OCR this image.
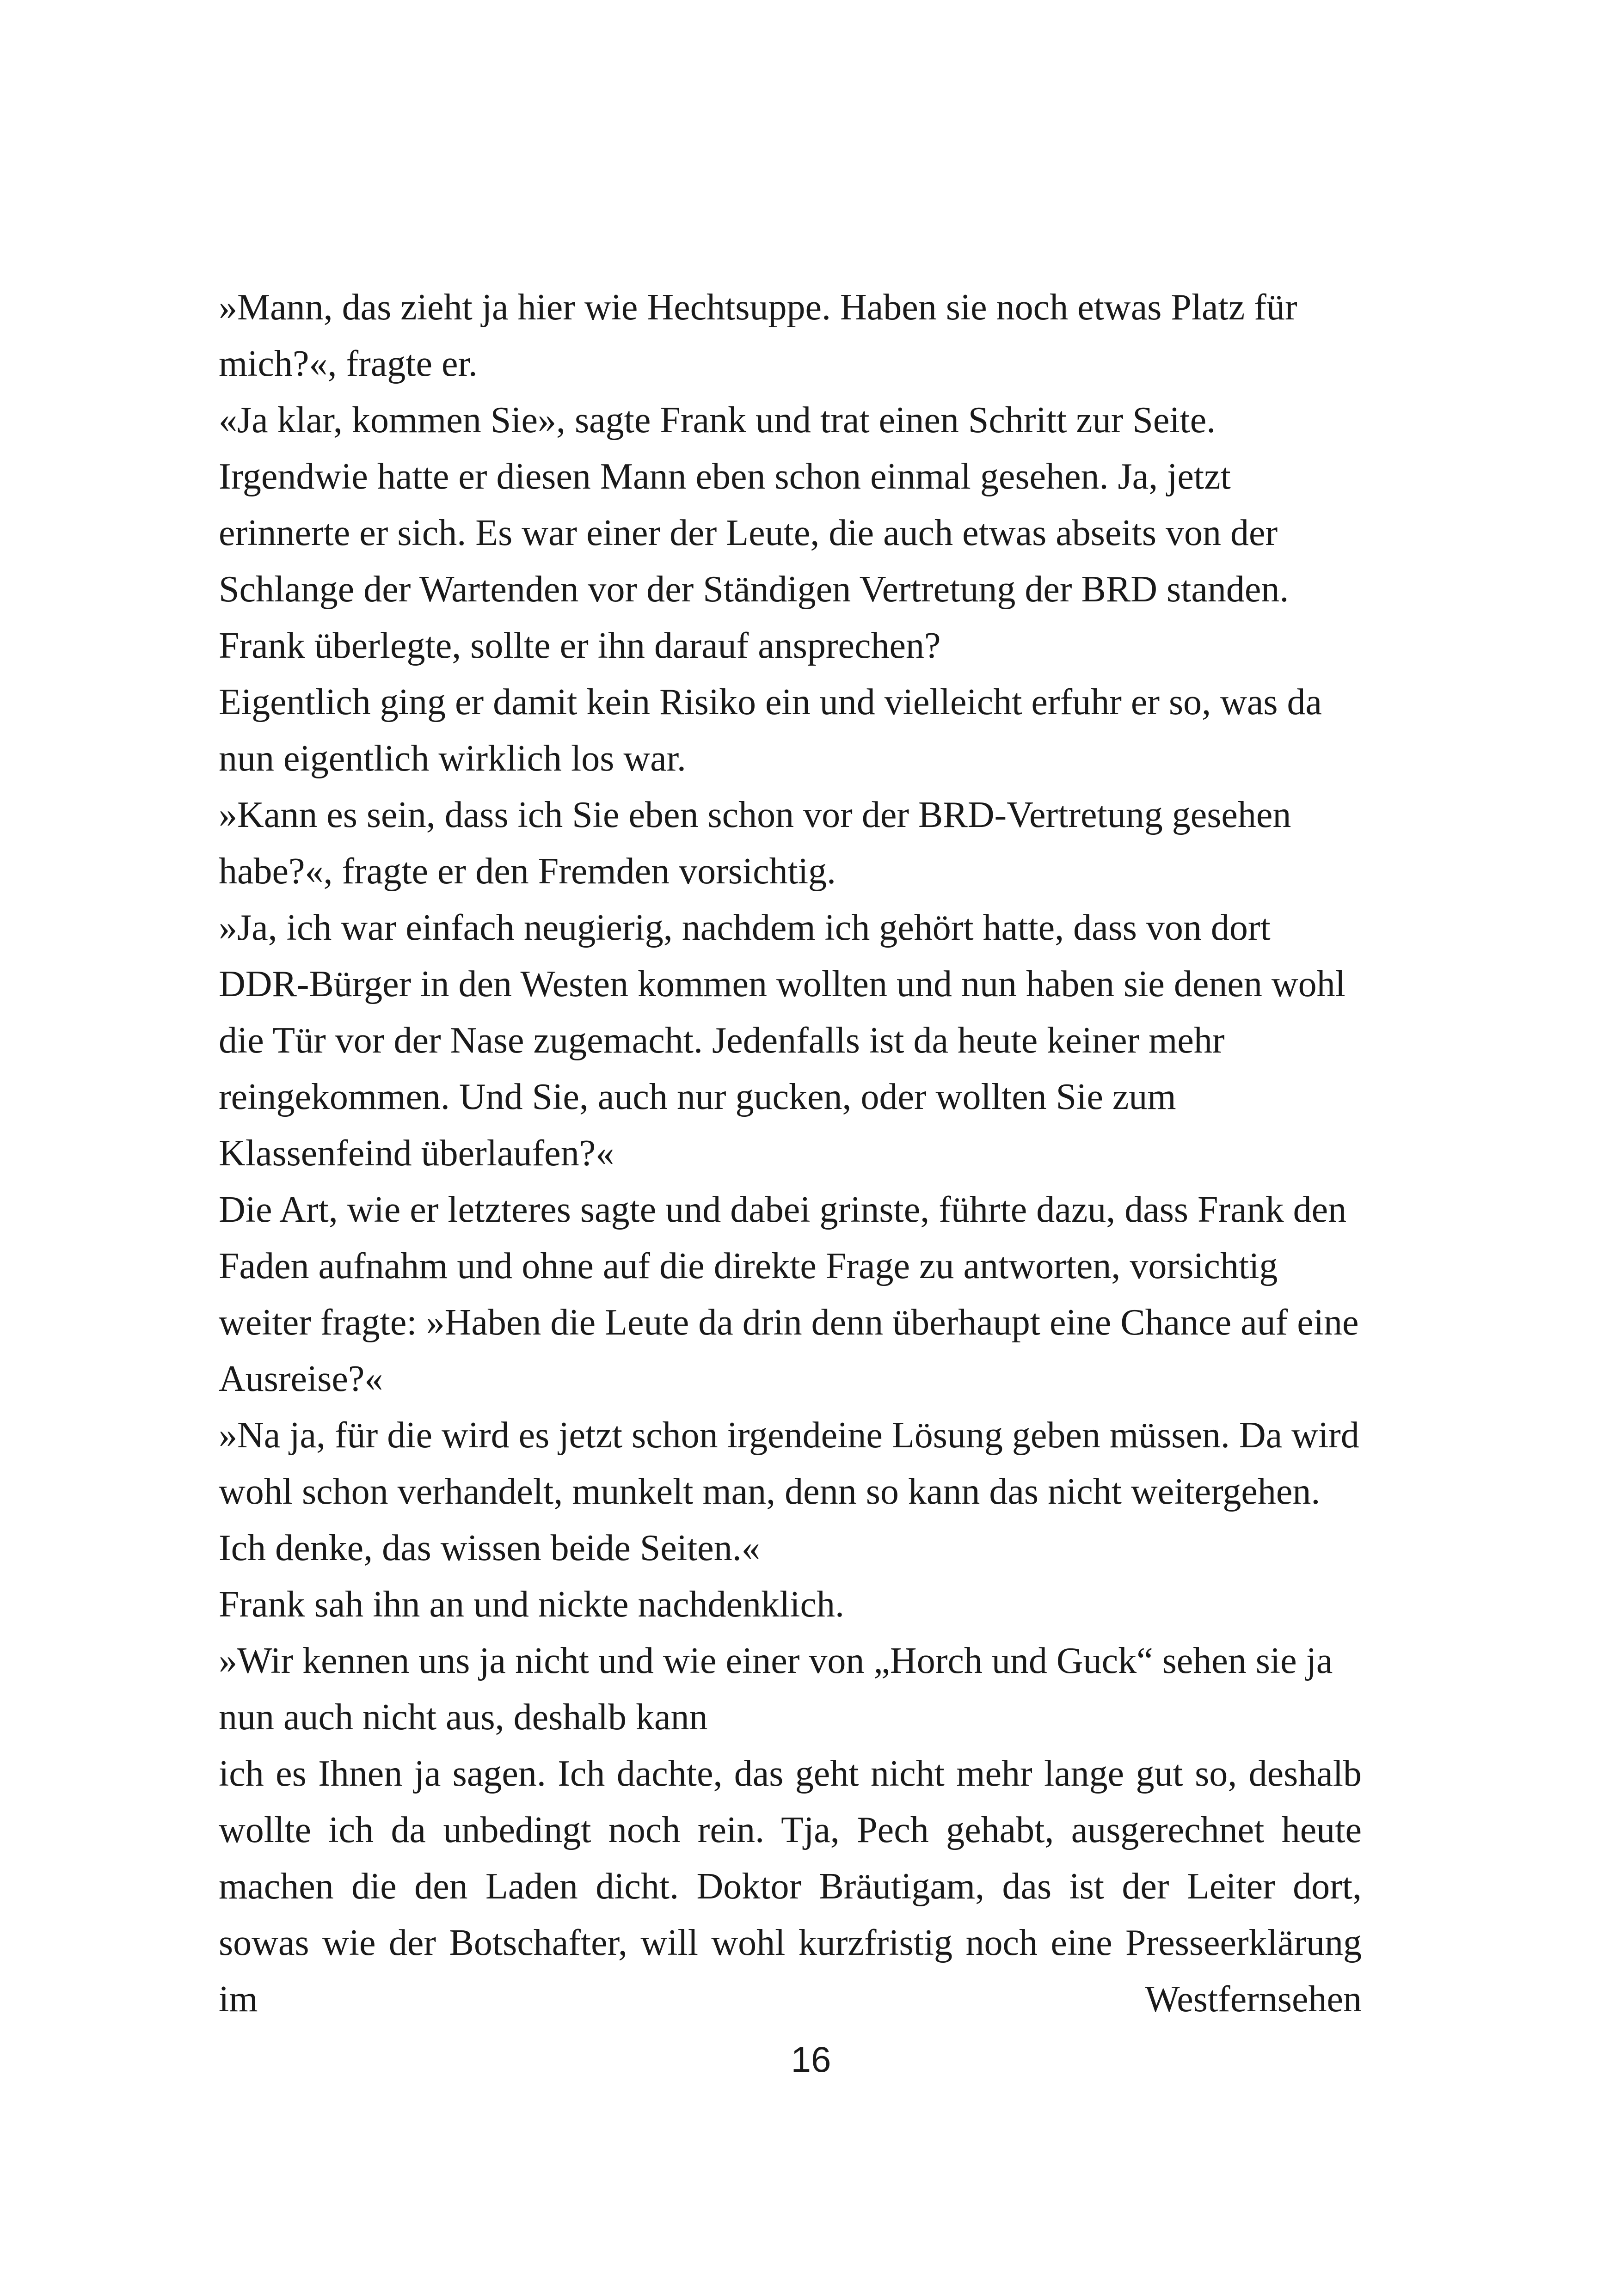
»Mann, das zieht ja hier wie Hechtsuppe. Haben sie noch etwas Platz für mich?«, fragte er.

«Ja klar, kommen Sie», sagte Frank und trat einen Schritt zur Seite. Irgendwie hatte er diesen Mann eben schon einmal gesehen. Ja, jetzt erinnerte er sich. Es war einer der Leute, die auch etwas abseits von der Schlange der Wartenden vor der Ständigen Vertretung der BRD standen. Frank überlegte, sollte er ihn darauf ansprechen?

Eigentlich ging er damit kein Risiko ein und vielleicht erfuhr er so, was da nun eigentlich wirklich los war.

»Kann es sein, dass ich Sie eben schon vor der BRD-Vertretung gesehen habe?«, fragte er den Fremden vorsichtig.

»Ja, ich war einfach neugierig, nachdem ich gehört hatte, dass von dort DDR-Bürger in den Westen kommen wollten und nun haben sie denen wohl die Tür vor der Nase zugemacht. Jedenfalls ist da heute keiner mehr reingekommen. Und Sie, auch nur gucken, oder wollten Sie zum Klassenfeind überlaufen?«

Die Art, wie er letzteres sagte und dabei grinste, führte dazu, dass Frank den Faden aufnahm und ohne auf die direkte Frage zu antworten, vorsichtig weiter fragte: »Haben die Leute da drin denn überhaupt eine Chance auf eine Ausreise?«

»Na ja, für die wird es jetzt schon irgendeine Lösung geben müssen. Da wird wohl schon verhandelt, munkelt man, denn so kann das nicht weitergehen. Ich denke, das wissen beide Seiten.«

Frank sah ihn an und nickte nachdenklich.

»Wir kennen uns ja nicht und wie einer von „Horch und Guck“ sehen sie ja nun auch nicht aus, deshalb kann

ich es Ihnen ja sagen. Ich dachte, das geht nicht mehr lange gut so, deshalb wollte ich da unbedingt noch rein. Tja, Pech gehabt, ausgerechnet heute machen die den Laden dicht. Doktor Bräutigam, das ist der Leiter dort, sowas wie der Botschafter, will wohl kurzfristig noch eine Presseerklärung im Westfernsehen

16
